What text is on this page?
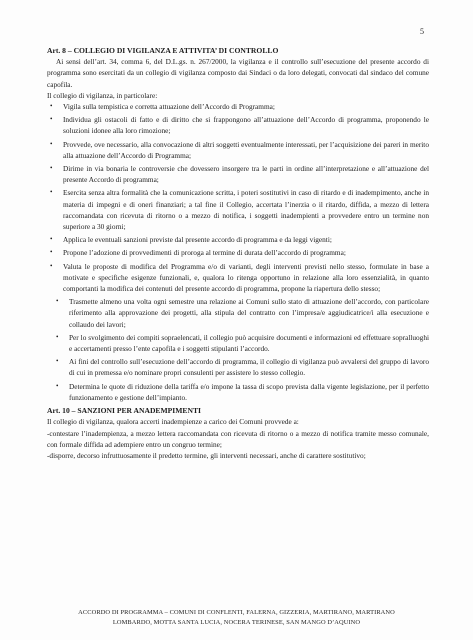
5

Art. 8 – COLLEGIO DI VIGILANZA E ATTIVITA’ DI CONTROLLO

Ai sensi dell’art. 34, comma 6, del D.L.gs. n. 267/2000, la vigilanza e il controllo sull’esecuzione del presente accordo di programma sono esercitati da un collegio di vigilanza composto dai Sindaci o da loro delegati, convocati dal sindaco del comune capofila.

Il collegio di vigilanza, in particolare:

• Vigila sulla tempistica e corretta attuazione dell’Accordo di Programma;
• Individua gli ostacoli di fatto e di diritto che si frappongono all’attuazione dell’Accordo di programma, proponendo le soluzioni idonee alla loro rimozione;
• Provvede, ove necessario, alla convocazione di altri soggetti eventualmente interessati, per l’acquisizione dei pareri in merito alla attuazione dell’Accordo di Programma;
• Dirime in via bonaria le controversie che dovessero insorgere tra le parti in ordine all’interpretazione e all’attuazione del presente Accordo di programma;
• Esercita senza altra formalità che la comunicazione scritta, i poteri sostitutivi in caso di ritardo e di inadempimento, anche in materia di impegni e di oneri finanziari; a tal fine il Collegio, accertata l’inerzia o il ritardo, diffida, a mezzo di lettera raccomandata con ricevuta di ritorno o a mezzo di notifica, i soggetti inadempienti a provvedere entro un termine non superiore a 30 giorni;
• Applica le eventuali sanzioni previste dal presente accordo di programma e da leggi vigenti;
• Propone l’adozione di provvedimenti di proroga al termine di durata dell’accordo di programma;
• Valuta le proposte di modifica del Programma e/o di varianti, degli interventi previsti nello stesso, formulate in base a motivate e specifiche esigenze funzionali, e, qualora lo ritenga opportuno in relazione alla loro essenzialità, in quanto comportanti la modifica dei contenuti del presente accordo di programma, propone la riapertura dello stesso;
• Trasmette almeno una volta ogni semestre una relazione ai Comuni sullo stato di attuazione dell’accordo, con particolare riferimento alla approvazione dei progetti, alla stipula del contratto con l’impresa/e aggiudicatrice/i alla esecuzione e collaudo dei lavori;
• Per lo svolgimento dei compiti sopraelencati, il collegio può acquisire documenti e informazioni ed effettuare sopralluoghi e accertamenti presso l’ente capofila e i soggetti stipulanti l’accordo.
• Ai fini del controllo sull’esecuzione dell’accordo di programma, il collegio di vigilanza può avvalersi del gruppo di lavoro di cui in premessa e/o nominare propri consulenti per assistere lo stesso collegio.
• Determina le quote di riduzione della tariffa e/o impone la tassa di scopo prevista dalla vigente legislazione, per il perfetto funzionamento e gestione dell’impianto.

Art. 10 – SANZIONI PER ANADEMPIMENTI

Il collegio di vigilanza, qualora accerti inadempienze a carico dei Comuni provvede a:

-contestare l’inadempienza, a mezzo lettera raccomandata con ricevuta di ritorno o a mezzo di notifica tramite messo comunale, con formale diffida ad adempiere entro un congruo termine;

-disporre, decorso infruttuosamente il predetto termine, gli interventi necessari, anche di carattere sostitutivo;

ACCORDO DI PROGRAMMA – COMUNI DI CONFLENTI, FALERNA, GIZZERIA, MARTIRANO, MARTIRANO
LOMBARDO, MOTTA SANTA LUCIA, NOCERA TERINESE, SAN MANGO D’AQUINO
